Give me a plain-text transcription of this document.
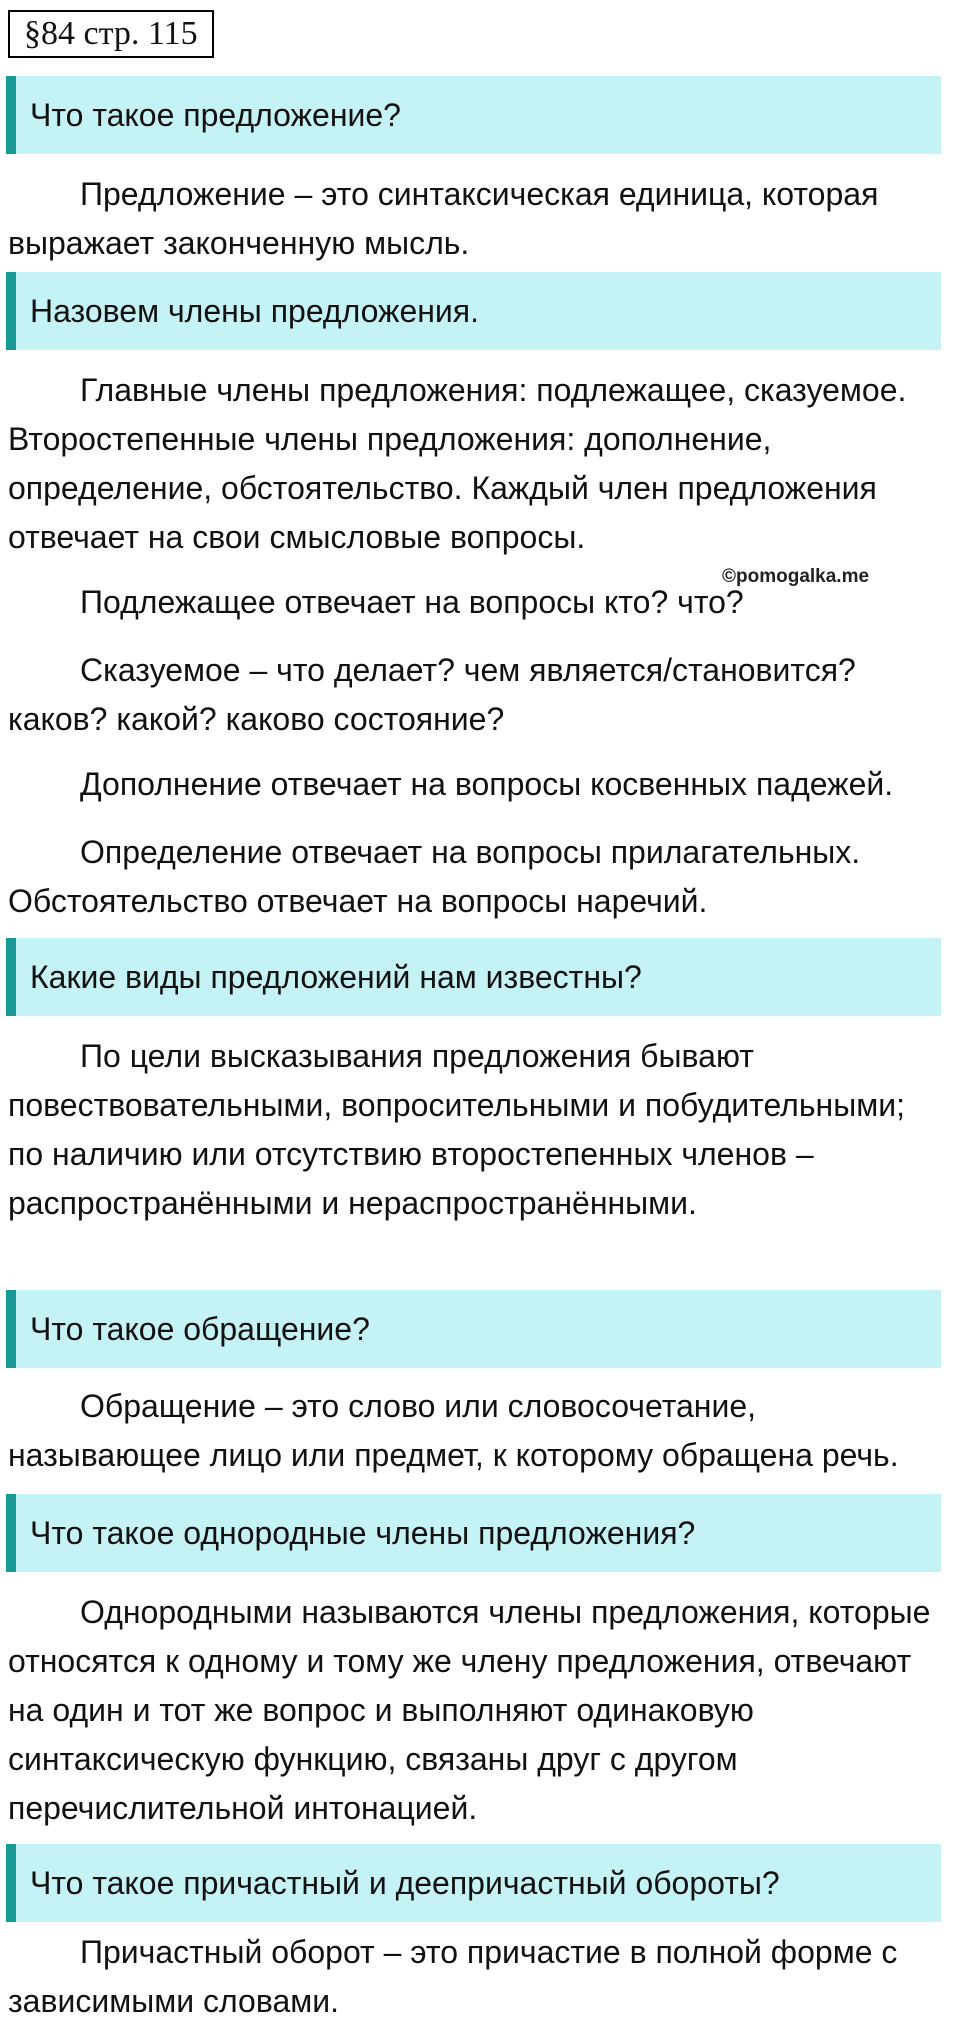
§84 стр. 115
Что такое предложение?

Предложение – это синтаксическая единица, которая выражает законченную мысль.

Назовем члены предложения.

Главные члены предложения: подлежащее, сказуемое. Второстепенные члены предложения: дополнение, определение, обстоятельство. Каждый член предложения отвечает на свои смысловые вопросы.

Подлежащее отвечает на вопросы кто? что?

©pomogalka.me

Сказуемое – что делает? чем является/становится? каков? какой? каково состояние?

Дополнение отвечает на вопросы косвенных падежей.

Определение отвечает на вопросы прилагательных. Обстоятельство отвечает на вопросы наречий.

Какие виды предложений нам известны?

По цели высказывания предложения бывают повествовательными, вопросительными и побудительными; по наличию или отсутствию второстепенных членов – распространёнными и нераспространёнными.

Что такое обращение?

Обращение – это слово или словосочетание, называющее лицо или предмет, к которому обращена речь.

Что такое однородные члены предложения?

Однородными называются члены предложения, которые относятся к одному и тому же члену предложения, отвечают на один и тот же вопрос и выполняют одинаковую синтаксическую функцию, связаны друг с другом перечислительной интонацией.

Что такое причастный и деепричастный обороты?

Причастный оборот – это причастие в полной форме с зависимыми словами.
